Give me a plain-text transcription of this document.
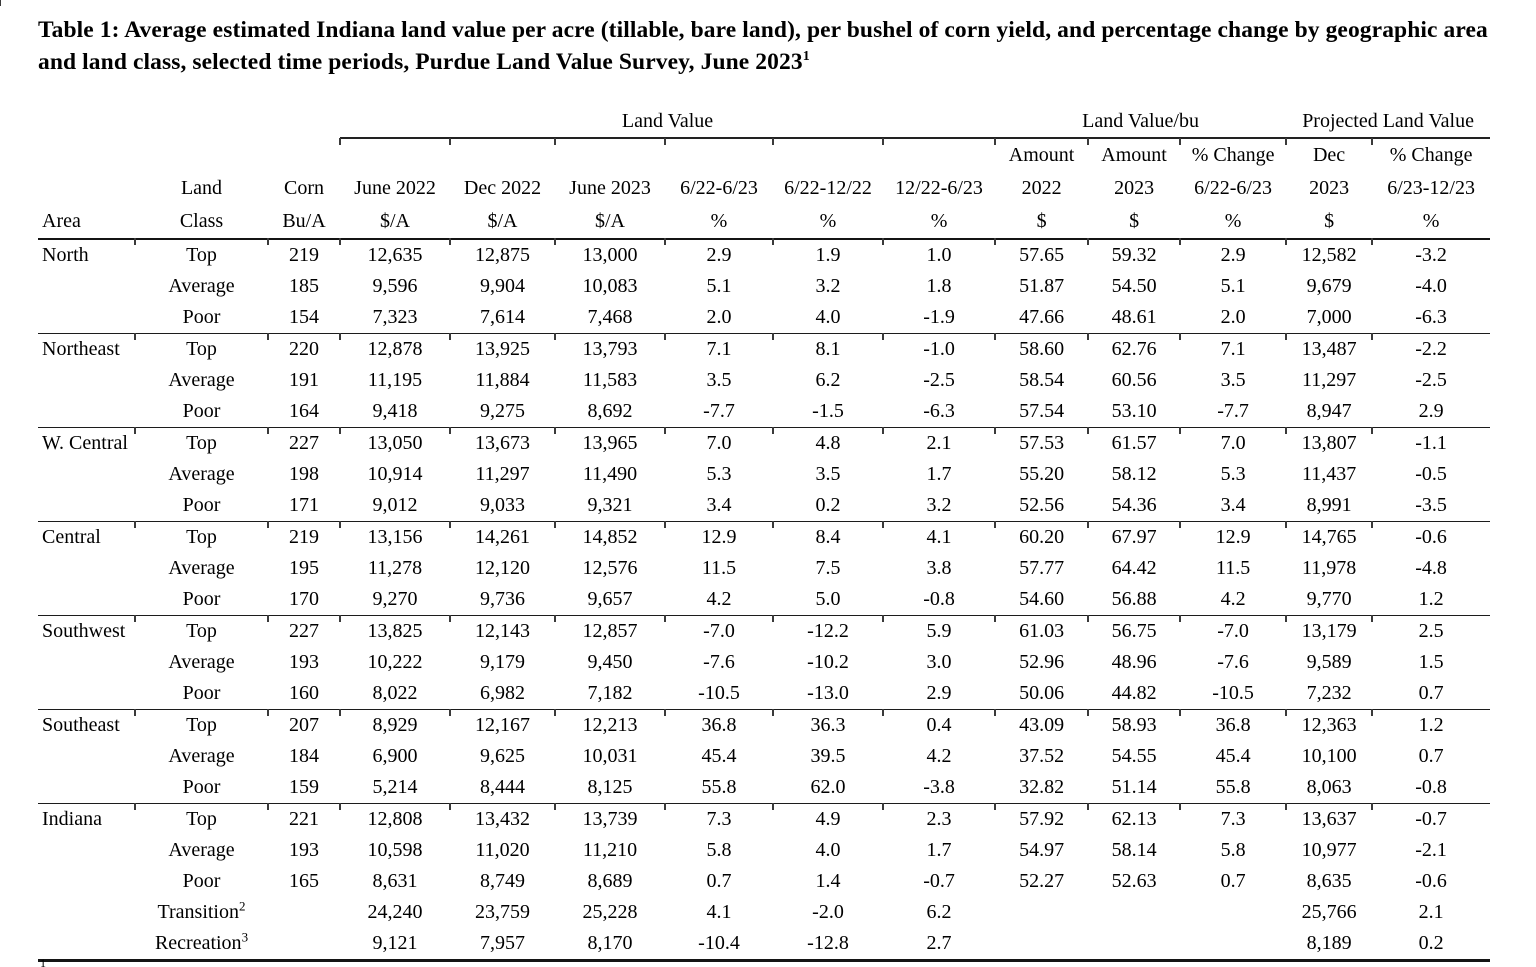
Table 1: Average estimated Indiana land value per acre (tillable, bare land), per bushel of corn yield, and percentage change by geographic area and land class, selected time periods, Purdue Land Value Survey, June 2023$^1$
			Land Value						Land Value/bu			Projected Land Value	
									Amount	Amount	% Change	Dec	% Change
	Land	Corn	June 2022	Dec 2022	June 2023	6/22-6/23	6/22-12/22	12/22-6/23	2022	2023	6/22-6/23	2023	6/23-12/23
Area	Class	Bu/A	$/A	$/A	$/A	%	%	%	$	$	%	$	%
North	Top	219	12,635	12,875	13,000	2.9	1.9	1.0	57.65	59.32	2.9	12,582	-3.2
	Average	185	9,596	9,904	10,083	5.1	3.2	1.8	51.87	54.50	5.1	9,679	-4.0
	Poor	154	7,323	7,614	7,468	2.0	4.0	-1.9	47.66	48.61	2.0	7,000	-6.3
Northeast	Top	220	12,878	13,925	13,793	7.1	8.1	-1.0	58.60	62.76	7.1	13,487	-2.2
	Average	191	11,195	11,884	11,583	3.5	6.2	-2.5	58.54	60.56	3.5	11,297	-2.5
	Poor	164	9,418	9,275	8,692	-7.7	-1.5	-6.3	57.54	53.10	-7.7	8,947	2.9
W. Central	Top	227	13,050	13,673	13,965	7.0	4.8	2.1	57.53	61.57	7.0	13,807	-1.1
	Average	198	10,914	11,297	11,490	5.3	3.5	1.7	55.20	58.12	5.3	11,437	-0.5
	Poor	171	9,012	9,033	9,321	3.4	0.2	3.2	52.56	54.36	3.4	8,991	-3.5
Central	Top	219	13,156	14,261	14,852	12.9	8.4	4.1	60.20	67.97	12.9	14,765	-0.6
	Average	195	11,278	12,120	12,576	11.5	7.5	3.8	57.77	64.42	11.5	11,978	-4.8
	Poor	170	9,270	9,736	9,657	4.2	5.0	-0.8	54.60	56.88	4.2	9,770	1.2
Southwest	Top	227	13,825	12,143	12,857	-7.0	-12.2	5.9	61.03	56.75	-7.0	13,179	2.5
	Average	193	10,222	9,179	9,450	-7.6	-10.2	3.0	52.96	48.96	-7.6	9,589	1.5
	Poor	160	8,022	6,982	7,182	-10.5	-13.0	2.9	50.06	44.82	-10.5	7,232	0.7
Southeast	Top	207	8,929	12,167	12,213	36.8	36.3	0.4	43.09	58.93	36.8	12,363	1.2
	Average	184	6,900	9,625	10,031	45.4	39.5	4.2	37.52	54.55	45.4	10,100	0.7
	Poor	159	5,214	8,444	8,125	55.8	62.0	-3.8	32.82	51.14	55.8	8,063	-0.8
Indiana	Top	221	12,808	13,432	13,739	7.3	4.9	2.3	57.92	62.13	7.3	13,637	-0.7
	Average	193	10,598	11,020	11,210	5.8	4.0	1.7	54.97	58.14	5.8	10,977	-2.1
	Poor	165	8,631	8,749	8,689	0.7	1.4	-0.7	52.27	52.63	0.7	8,635	-0.6
	Transition$^2$		24,240	23,759	25,228	4.1	-2.0	6.2				25,766	2.1
	Recreation$^3$		9,121	7,957	8,170	-10.4	-12.8	2.7				8,189	0.2
$^1$
